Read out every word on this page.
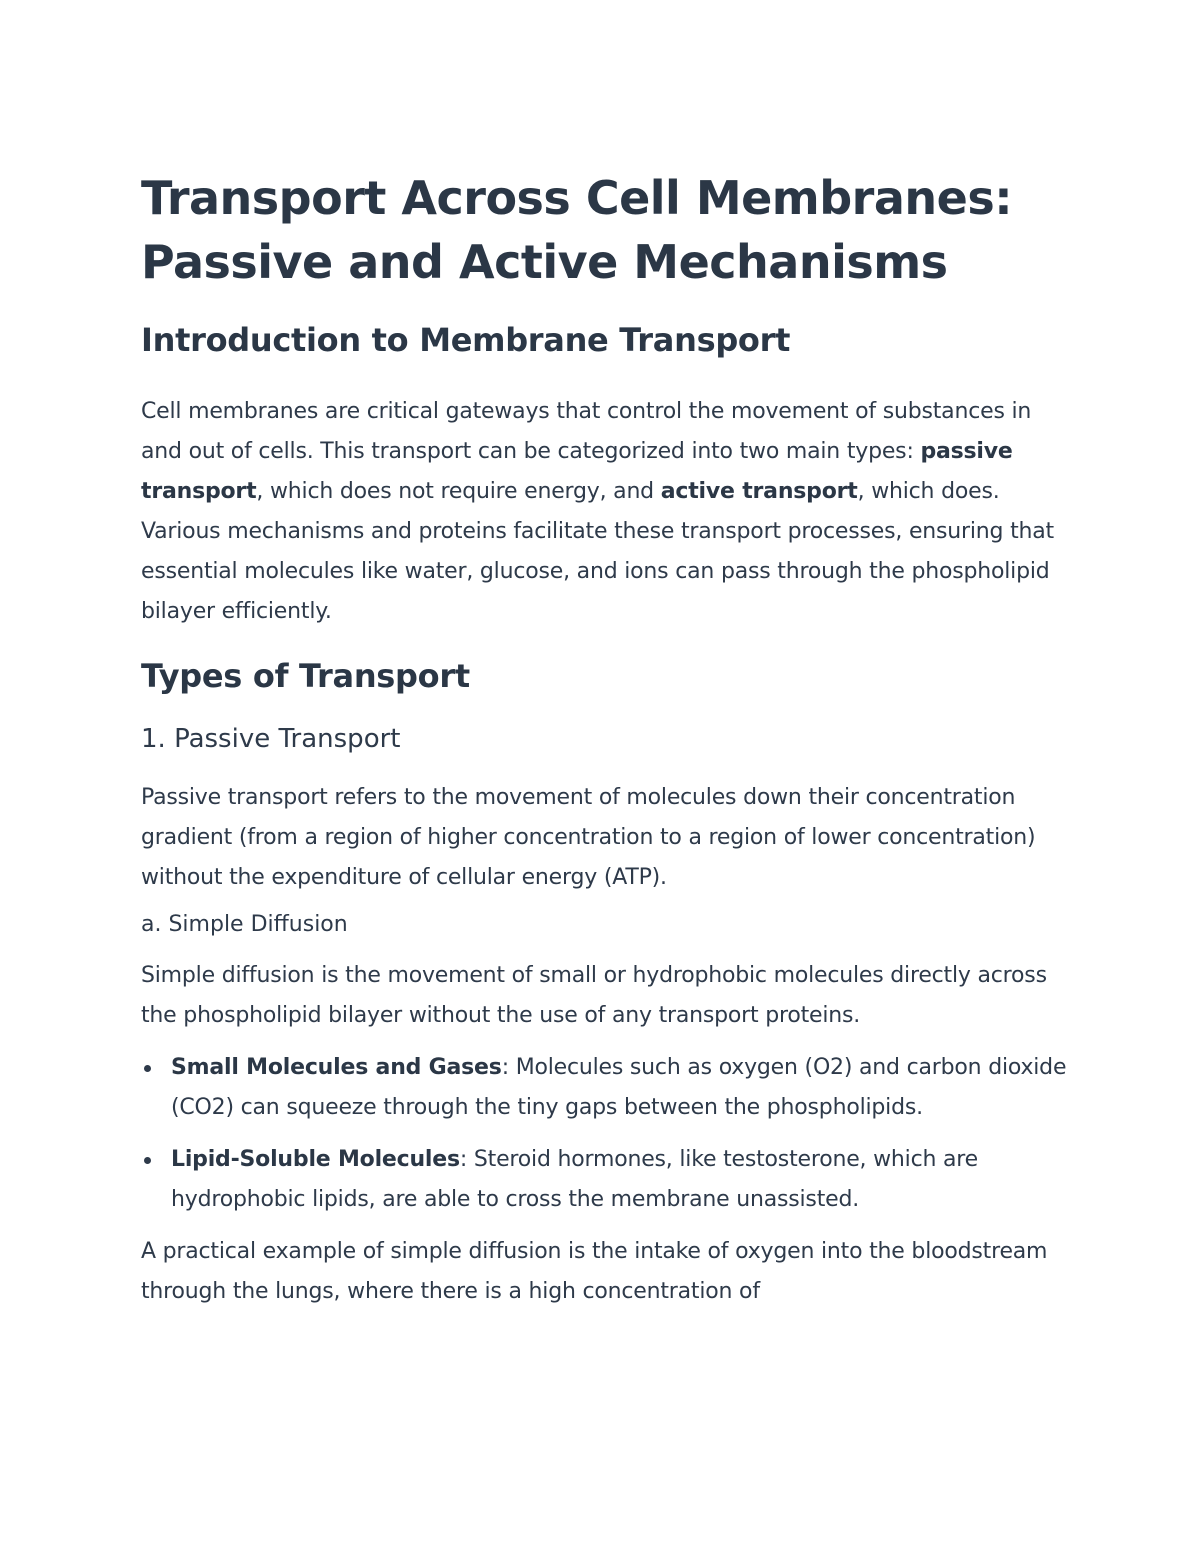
Transport Across Cell Membranes:
Passive and Active Mechanisms
Introduction to Membrane Transport

Cell membranes are critical gateways that control the movement of substances in and out of cells. This transport can be categorized into two main types: passive transport, which does not require energy, and active transport, which does. Various mechanisms and proteins facilitate these transport processes, ensuring that essential molecules like water, glucose, and ions can pass through the phospholipid bilayer efficiently.

Types of Transport
1. Passive Transport

Passive transport refers to the movement of molecules down their concentration gradient (from a region of higher concentration to a region of lower concentration) without the expenditure of cellular energy (ATP).

a. Simple Diffusion

Simple diffusion is the movement of small or hydrophobic molecules directly across the phospholipid bilayer without the use of any transport proteins.

Small Molecules and Gases: Molecules such as oxygen (O2) and carbon dioxide (CO2) can squeeze through the tiny gaps between the phospholipids.
Lipid-Soluble Molecules: Steroid hormones, like testosterone, which are hydrophobic lipids, are able to cross the membrane unassisted.

A practical example of simple diffusion is the intake of oxygen into the bloodstream through the lungs, where there is a high concentration of
